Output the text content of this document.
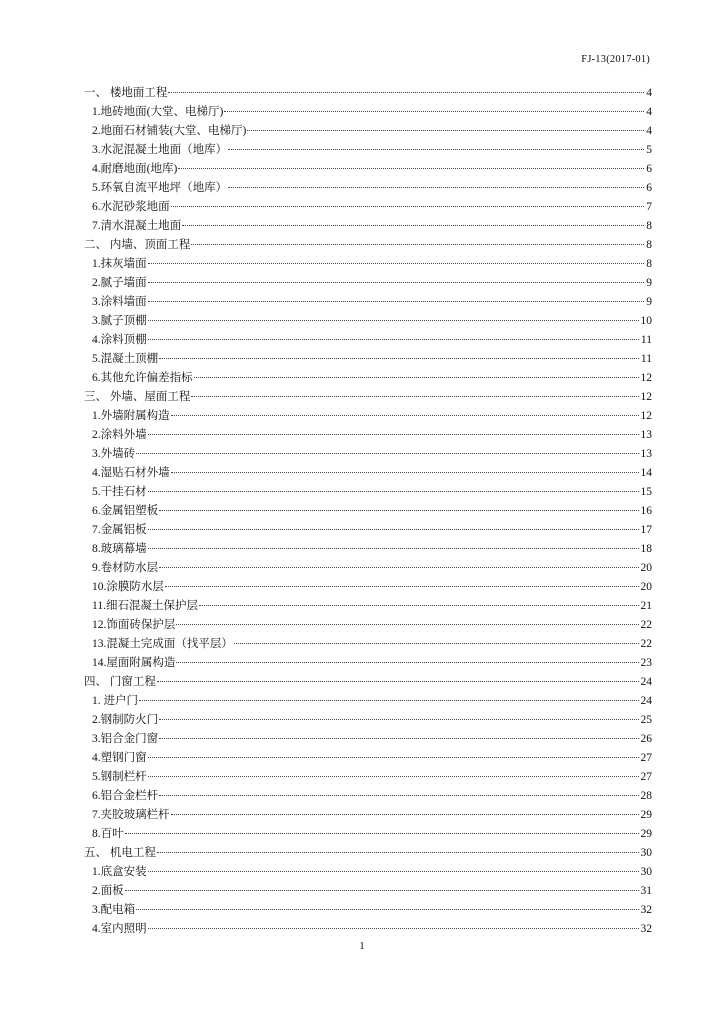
FJ-13(2017-01)
一、 楼地面工程	4
1.地砖地面(大堂、电梯厅)	4
2.地面石材铺装(大堂、电梯厅)	4
3.水泥混凝土地面（地库）	5
4.耐磨地面(地库)	6
5.环氧自流平地坪（地库）	6
6.水泥砂浆地面	7
7.清水混凝土地面	8
二、 内墙、顶面工程	8
1.抹灰墙面	8
2.腻子墙面	9
3.涂料墙面	9
3.腻子顶棚	10
4.涂料顶棚	11
5.混凝土顶棚	11
6.其他允许偏差指标	12
三、 外墙、屋面工程	12
1.外墙附属构造	12
2.涂料外墙	13
3.外墙砖	13
4.湿贴石材外墙	14
5.干挂石材	15
6.金属铝塑板	16
7.金属铝板	17
8.玻璃幕墙	18
9.卷材防水层	20
10.涂膜防水层	20
11.细石混凝土保护层	21
12.饰面砖保护层	22
13.混凝土完成面（找平层）	22
14.屋面附属构造	23
四、 门窗工程	24
1. 进户门	24
2.钢制防火门	25
3.铝合金门窗	26
4.塑钢门窗	27
5.钢制栏杆	27
6.铝合金栏杆	28
7.夹胶玻璃栏杆	29
8.百叶	29
五、 机电工程	30
1.底盒安装	30
2.面板	31
3.配电箱	32
4.室内照明	32
1
